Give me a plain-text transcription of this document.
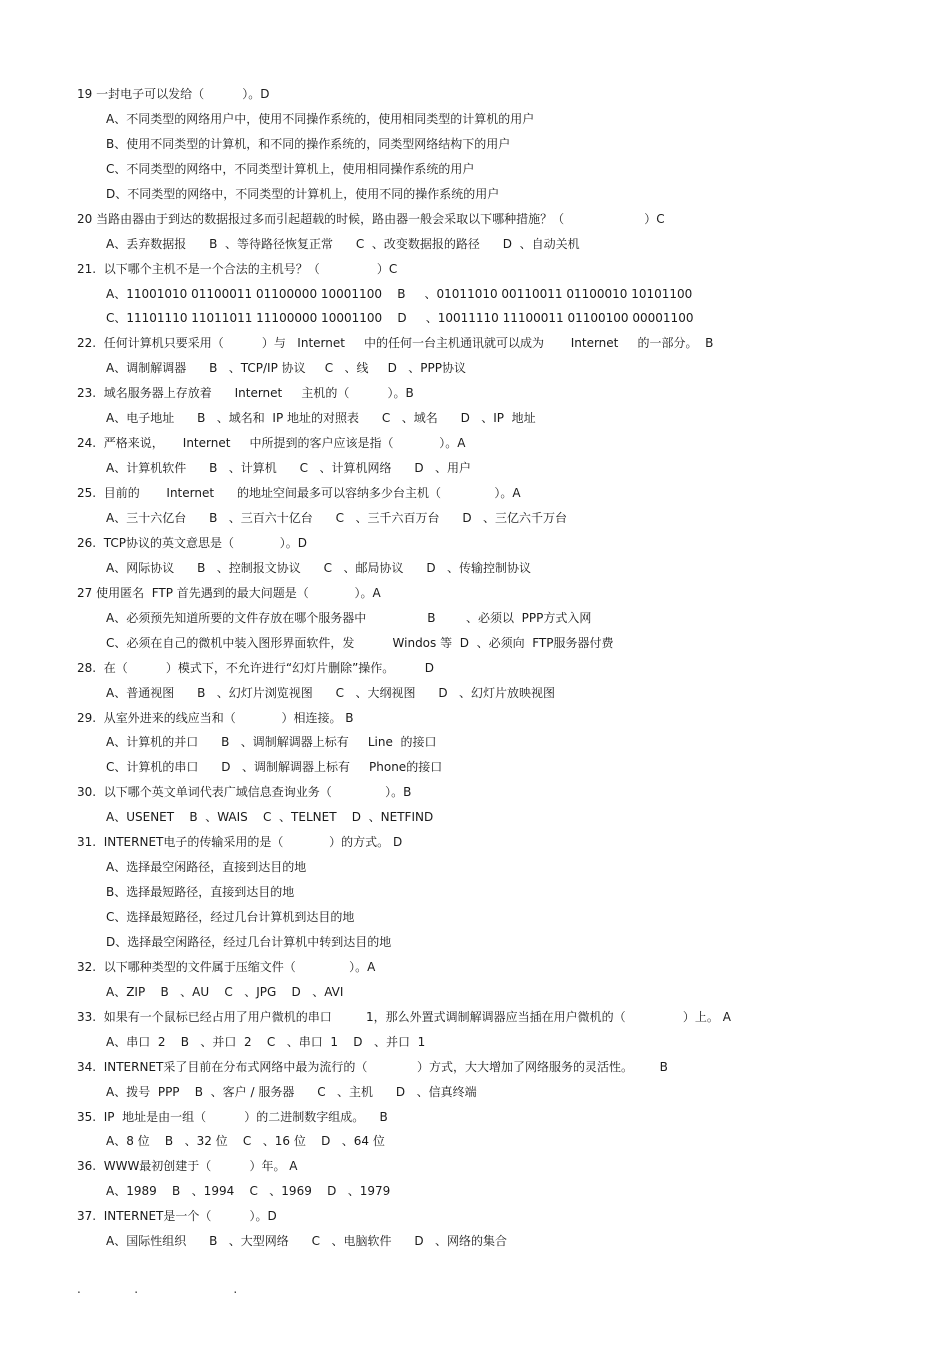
19 一封电子可以发给（          ）。D
A、不同类型的网络用户中，使用不同操作系统的，使用相同类型的计算机的用户
B、使用不同类型的计算机，和不同的操作系统的，同类型网络结构下的用户
C、不同类型的网络中，不同类型计算机上，使用相同操作系统的用户
D、不同类型的网络中，不同类型的计算机上，使用不同的操作系统的用户
20 当路由器由于到达的数据报过多而引起超载的时候，路由器一般会采取以下哪种措施？（                     ）C
A、丢弃数据报      B  、等待路径恢复正常      C  、改变数据报的路径      D  、自动关机
21.  以下哪个主机不是一个合法的主机号？（               ）C
A、11001010 01100011 01100000 10001100    B     、01011010 00110011 01100010 10101100
C、11101110 11011011 11100000 10001100    D     、10011110 11100011 01100100 00001100
22.  任何计算机只要采用（          ）与   Internet     中的任何一台主机通讯就可以成为       Internet     的一部分。  B
A、调制解调器      B   、TCP/IP 协议     C   、线     D   、PPP协议
23.  域名服务器上存放着      Internet     主机的（          ）。B
A、电子地址      B   、域名和  IP 地址的对照表      C   、域名      D   、IP  地址
24.  严格来说，     Internet     中所提到的客户应该是指（            ）。A
A、计算机软件      B   、计算机      C   、计算机网络      D   、用户
25.  目前的       Internet      的地址空间最多可以容纳多少台主机（              ）。A
A、三十六亿台      B   、三百六十亿台      C   、三千六百万台      D   、三亿六千万台
26.  TCP协议的英文意思是（            ）。D
A、网际协议      B   、控制报文协议      C   、邮局协议      D   、传输控制协议
27 使用匿名  FTP 首先遇到的最大问题是（            ）。A
A、必须预先知道所要的文件存放在哪个服务器中                B        、必须以  PPP方式入网
C、必须在自己的微机中装入图形界面软件，发          Windos 等  D  、必须向  FTP服务器付费
28.  在（          ）模式下，不允许进行“幻灯片删除”操作。        D
A、普通视图      B   、幻灯片浏览视图      C   、大纲视图      D   、幻灯片放映视图
29.  从室外进来的线应当和（            ）相连接。 B
A、计算机的并口      B   、调制解调器上标有     Line  的接口
C、计算机的串口      D   、调制解调器上标有     Phone的接口
30.  以下哪个英文单词代表广域信息查询业务（              ）。B
A、USENET    B  、WAIS    C  、TELNET    D  、NETFIND
31.  INTERNET电子的传输采用的是（            ）的方式。 D
A、选择最空闲路径，直接到达目的地
B、选择最短路径，直接到达目的地
C、选择最短路径，经过几台计算机到达目的地
D、选择最空闲路径，经过几台计算机中转到达目的地
32.  以下哪种类型的文件属于压缩文件（              ）。A
A、ZIP    B   、AU    C   、JPG    D   、AVI
33.  如果有一个鼠标已经占用了用户微机的串口         1，那么外置式调制解调器应当插在用户微机的（               ）上。 A
A、串口  2    B   、并口  2    C   、串口  1    D   、并口  1
34.  INTERNET采了目前在分布式网络中最为流行的（             ）方式，大大增加了网络服务的灵活性。       B
A、拨号  PPP    B  、客户 / 服务器      C   、主机      D   、信真终端
35.  IP  地址是由一组（          ）的二进制数字组成。    B
A、8 位    B   、32 位    C   、16 位    D   、64 位
36.  WWW最初创建于（          ）年。 A
A、1989    B   、1994    C   、1969    D   、1979
37.  INTERNET是一个（          ）。D
A、国际性组织      B   、大型网络      C   、电脑软件      D   、网络的集合
.              .                         .
